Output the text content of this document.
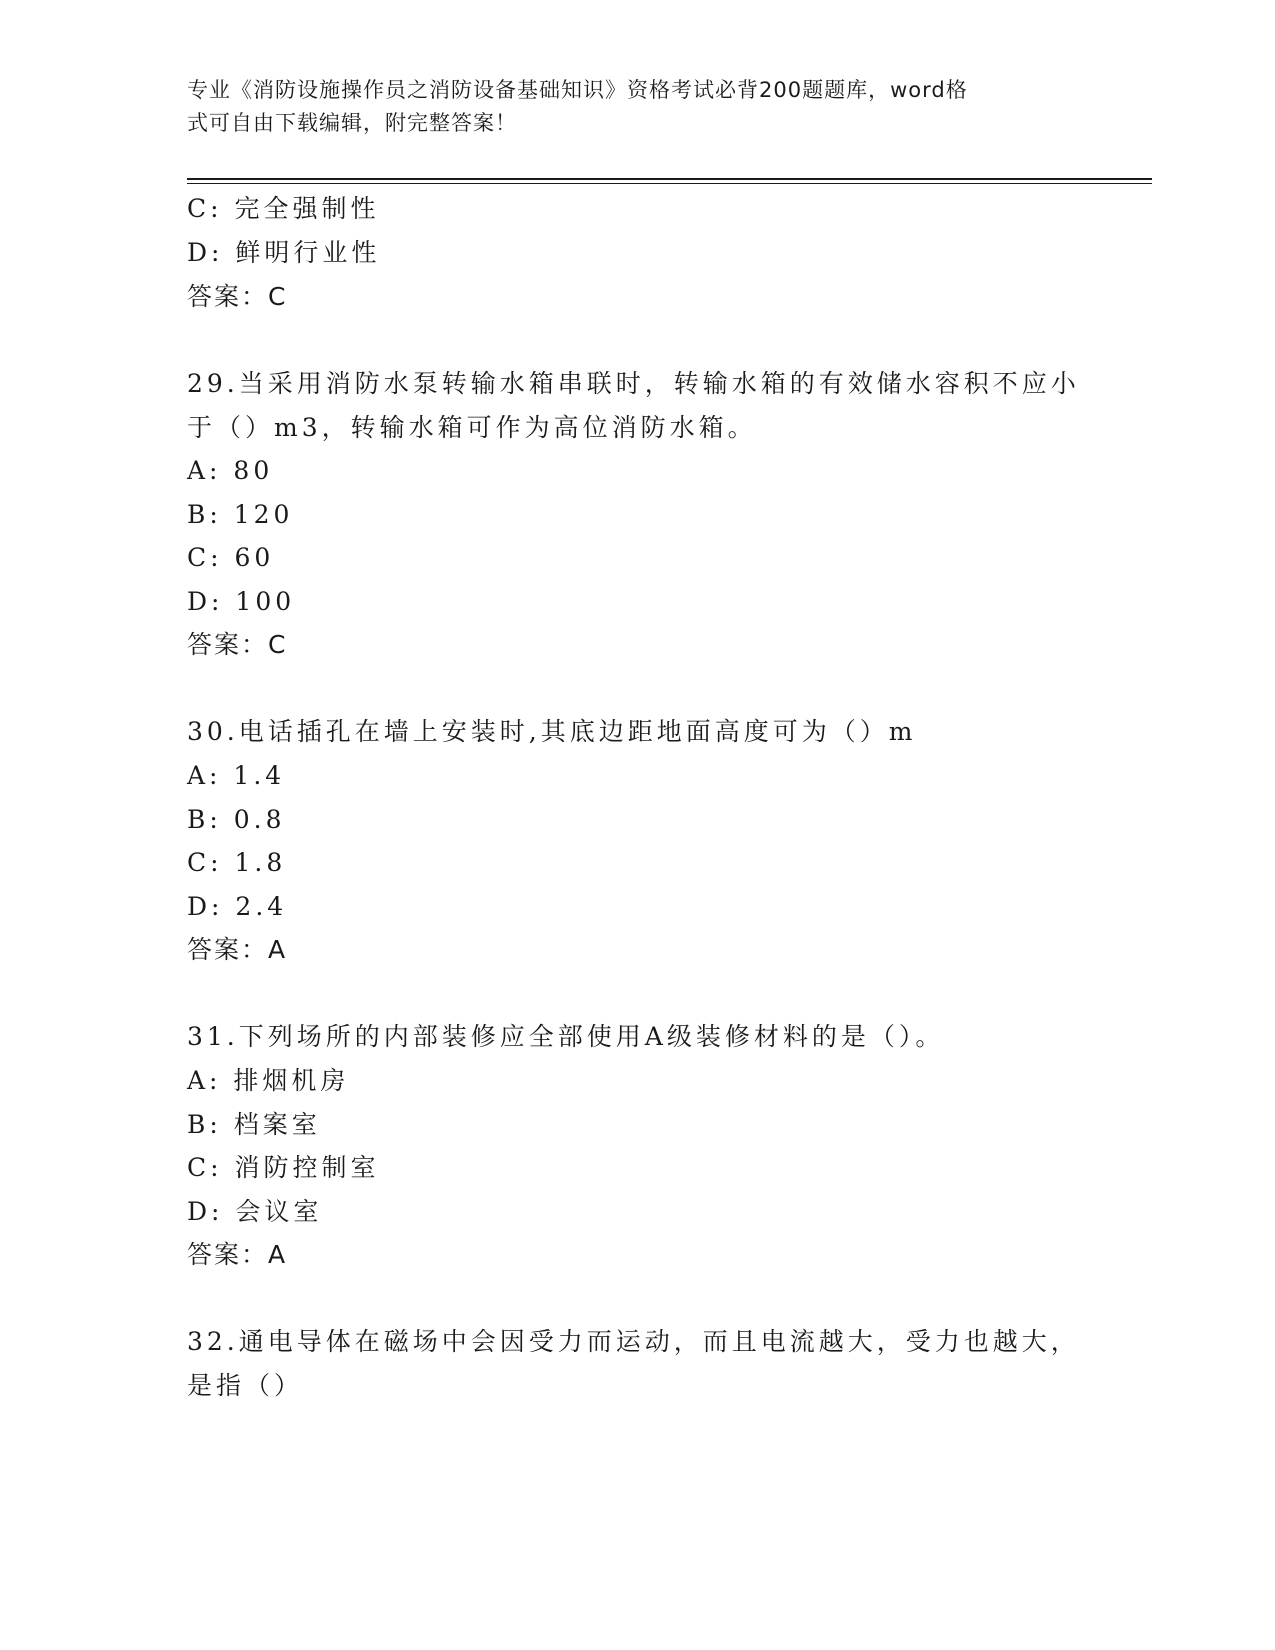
专业《消防设施操作员之消防设备基础知识》资格考试必背200题题库，word格
式可自由下载编辑，附完整答案！
C: 完全强制性
D: 鲜明行业性
答案：C
29.当采用消防水泵转输水箱串联时，转输水箱的有效储水容积不应小
于（）m3，转输水箱可作为高位消防水箱。
A: 80
B: 120
C: 60
D: 100
答案：C
30.电话插孔在墙上安装时,其底边距地面高度可为（）m
A: 1.4
B: 0.8
C: 1.8
D: 2.4
答案：A
31.下列场所的内部装修应全部使用A级装修材料的是（）。
A: 排烟机房
B: 档案室
C: 消防控制室
D: 会议室
答案：A
32.通电导体在磁场中会因受力而运动，而且电流越大，受力也越大，
是指（）
